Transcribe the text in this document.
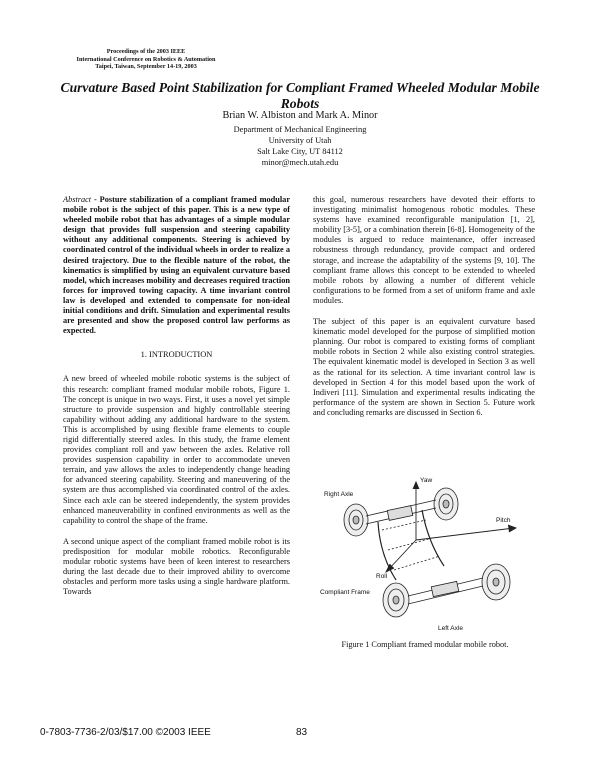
Proceedings of the 2003 IEEE
International Conference on Robotics & Automation
Taipei, Taiwan, September 14-19, 2003
Curvature Based Point Stabilization for Compliant Framed Wheeled Modular Mobile Robots
Brian W. Albiston and Mark A. Minor
Department of Mechanical Engineering
University of Utah
Salt Lake City, UT 84112
minor@mech.utah.edu

Abstract - Posture stabilization of a compliant framed modular mobile robot is the subject of this paper. This is a new type of wheeled mobile robot that has advantages of a simple modular design that provides full suspension and steering capability without any additional components. Steering is achieved by coordinated control of the individual wheels in order to realize a desired trajectory. Due to the flexible nature of the robot, the kinematics is simplified by using an equivalent curvature based model, which increases mobility and decreases required traction forces for improved towing capacity. A time invariant control law is developed and extended to compensate for non-ideal initial conditions and drift. Simulation and experimental results are presented and show the proposed control law performs as expected.

1. INTRODUCTION

A new breed of wheeled mobile robotic systems is the subject of this research: compliant framed modular mobile robots, Figure 1. The concept is unique in two ways. First, it uses a novel yet simple structure to provide suspension and highly controllable steering capability without adding any additional hardware to the system. This is accomplished by using flexible frame elements to couple rigid differentially steered axles. In this study, the frame element provides compliant roll and yaw between the axles. Relative roll provides suspension capability in order to accommodate uneven terrain, and yaw allows the axles to independently change heading for advanced steering capability. Steering and maneuvering of the system are thus accomplished via coordinated control of the axles. Since each axle can be steered independently, the system provides enhanced maneuverability in confined environments as well as the capability to control the shape of the frame.

A second unique aspect of the compliant framed mobile robot is its predisposition for modular mobile robotics. Reconfigurable modular robotic systems have been of keen interest to researchers during the last decade due to their improved ability to overcome obstacles and perform more tasks using a single hardware platform. Towards

this goal, numerous researchers have devoted their efforts to investigating minimalist homogenous robotic modules. These systems have examined reconfigurable manipulation [1, 2], mobility [3-5], or a combination therein [6-8]. Homogeneity of the modules is argued to reduce maintenance, offer increased robustness through redundancy, provide compact and ordered storage, and increase the adaptability of the systems [9, 10]. The compliant frame allows this concept to be extended to wheeled mobile robots by allowing a number of different vehicle configurations to be formed from a set of uniform frame and axle modules.

The subject of this paper is an equivalent curvature based kinematic model developed for the purpose of simplified motion planning. Our robot is compared to existing forms of compliant mobile robots in Section 2 while also existing control strategies. The equivalent kinematic model is developed in Section 3 as well as the rational for its selection. A time invariant control law is developed in Section 4 for this model based upon the work of Indiveri [11]. Simulation and experimental results indicating the performance of the system are shown in Section 5. Future work and concluding remarks are discussed in Section 6.

Right Axle
Yaw
Pitch
Roll
Compliant Frame
Left Axle
Figure 1 Compliant framed modular mobile robot.
0-7803-7736-2/03/$17.00 ©2003 IEEE	83
